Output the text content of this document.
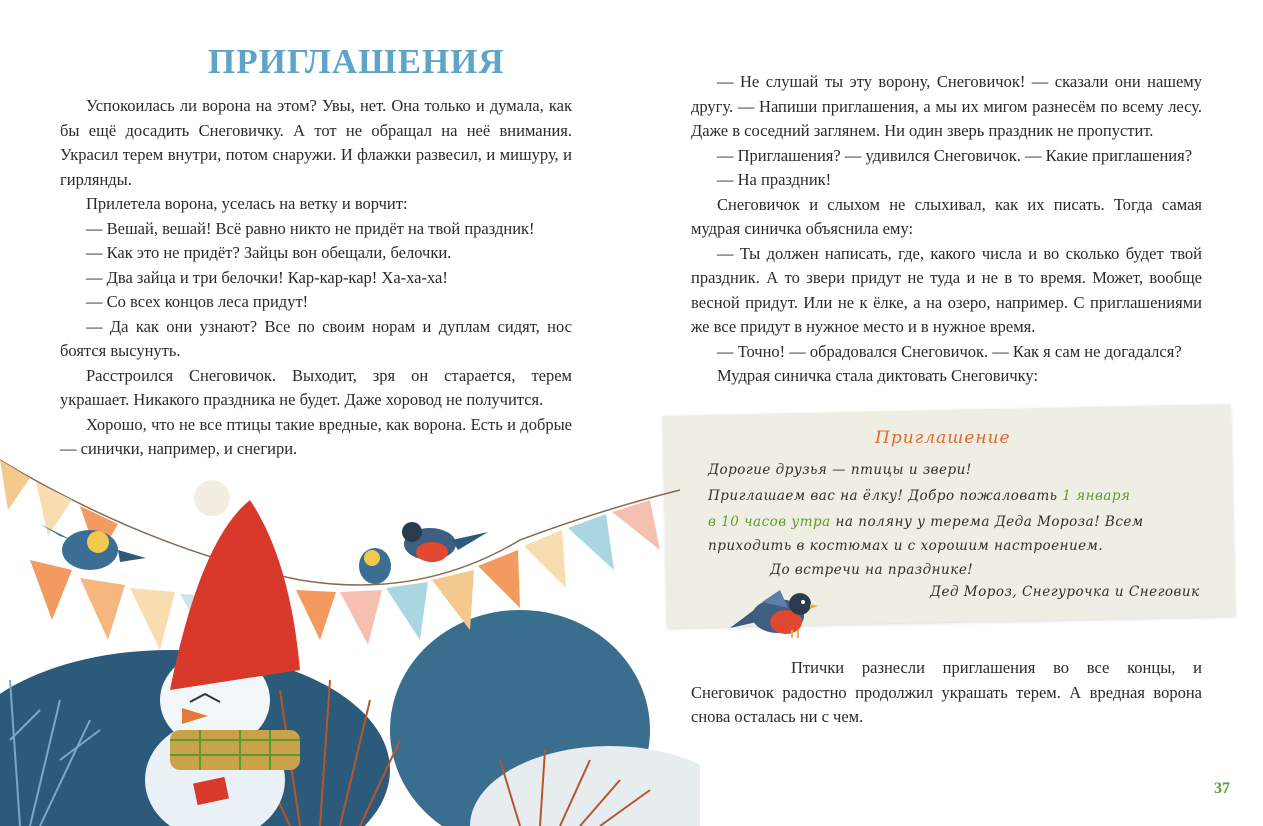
ПРИГЛАШЕНИЯ

Успокоилась ли ворона на этом? Увы, нет. Она только и думала, как бы ещё досадить Снеговичку. А тот не обращал на неё внимания. Украсил терем внутри, потом снаружи. И флажки развесил, и мишуру, и гирлянды.

Прилетела ворона, уселась на ветку и ворчит:

— Вешай, вешай! Всё равно никто не придёт на твой праздник!

— Как это не придёт? Зайцы вон обещали, белочки.

— Два зайца и три белочки! Кар-кар-кар! Ха-ха-ха!

— Со всех концов леса придут!

— Да как они узнают? Все по своим норам и дуплам сидят, нос боятся высунуть.

Расстроился Снеговичок. Выходит, зря он старается, терем украшает. Никакого праздника не будет. Даже хоровод не получится.

Хорошо, что не все птицы такие вредные, как ворона. Есть и добрые — синички, например, и снегири.

— Не слушай ты эту ворону, Снеговичок! — сказали они нашему другу. — Напиши приглашения, а мы их мигом разнесём по всему лесу. Даже в соседний заглянем. Ни один зверь праздник не пропустит.

— Приглашения? — удивился Снеговичок. — Какие приглашения?

— На праздник!

Снеговичок и слыхом не слыхивал, как их писать. Тогда самая мудрая синичка объяснила ему:

— Ты должен написать, где, какого числа и во сколько будет твой праздник. А то звери придут не туда и не в то время. Может, вообще весной придут. Или не к ёлке, а на озеро, например. С приглашениями же все придут в нужное место и в нужное время.

— Точно! — обрадовался Снеговичок. — Как я сам не догадался?

Мудрая синичка стала диктовать Снеговичку:

Приглашение
Дорогие друзья — птицы и звери!
Приглашаем вас на ёлку! Добро пожаловать 1 января
в 10 часов утра на поляну у терема Деда Мороза! Всем
приходить в костюмах и с хорошим настроением.
До встречи на празднике!
Дед Мороз, Снегурочка и Снеговик

Птички разнесли приглашения во все концы, и Снеговичок радостно продолжил украшать терем. А вредная ворона снова осталась ни с чем.

37
